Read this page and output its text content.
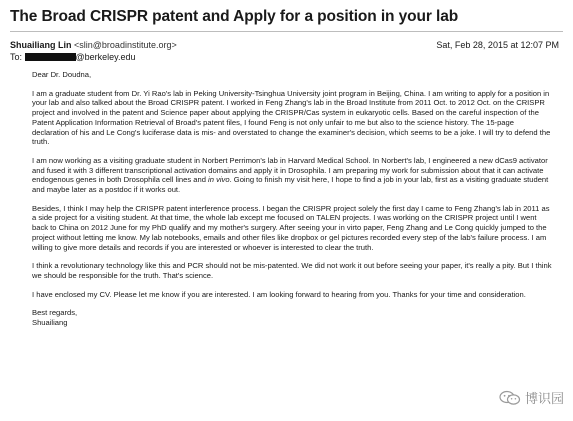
The Broad CRISPR patent and Apply for a position in your lab
Shuailiang Lin <slin@broadinstitute.org>	Sat, Feb 28, 2015 at 12:07 PM
To:	@berkeley.edu

Dear Dr. Doudna,

I am a graduate student from Dr. Yi Rao's lab in Peking University-Tsinghua University joint program in Beijing, China. I am writing to apply for a position in your lab and also talked about the Broad CRISPR patent. I worked in Feng Zhang's lab in the Broad Institute from 2011 Oct. to 2012 Oct. on the CRISPR project and involved in the patent and Science paper about applying the CRISPR/Cas system in eukaryotic cells. Based on the careful inspection of the Patent Application Information Retrieval of Broad's patent files, I found Feng is not only unfair to me but also to the science history. The 15-page declaration of his and Le Cong's luciferase data is mis- and overstated to change the examiner's decision, which seems to be a joke. I will try to defend the truth.

I am now working as a visiting graduate student in Norbert Perrimon's lab in Harvard Medical School. In Norbert's lab, I engineered a new dCas9 activator and fused it with 3 different transcriptional activation domains and apply it in Drosophila. I am preparing my work for submission about that it can activate endogenous genes in both Drosophila cell lines and in vivo. Going to finish my visit here, I hope to find a job in your lab, first as a visiting graduate student and maybe later as a postdoc if it works out.

Besides, I think I may help the CRISPR patent interference process. I began the CRISPR project solely the first day I came to Feng Zhang's lab in 2011 as a side project for a visiting student. At that time, the whole lab except me focused on TALEN projects. I was working on the CRISPR project until I went back to China on 2012 June for my PhD qualify and my mother's surgery. After seeing your in virto paper, Feng Zhang and Le Cong quickly jumped to the project without letting me know. My lab notebooks, emails and other files like dropbox or gel pictures recorded every step of the lab's failure process. I am willing to give more details and records if you are interested or whoever is interested to clear the truth.

I think a revolutionary technology like this and PCR should not be mis-patented. We did not work it out before seeing your paper, it's really a pity. But I think we should be responsible for the truth. That's science.

I have enclosed my CV. Please let me know if you are interested. I am looking forward to hearing from you. Thanks for your time and consideration.

Best regards,
Shuailiang
博识园
